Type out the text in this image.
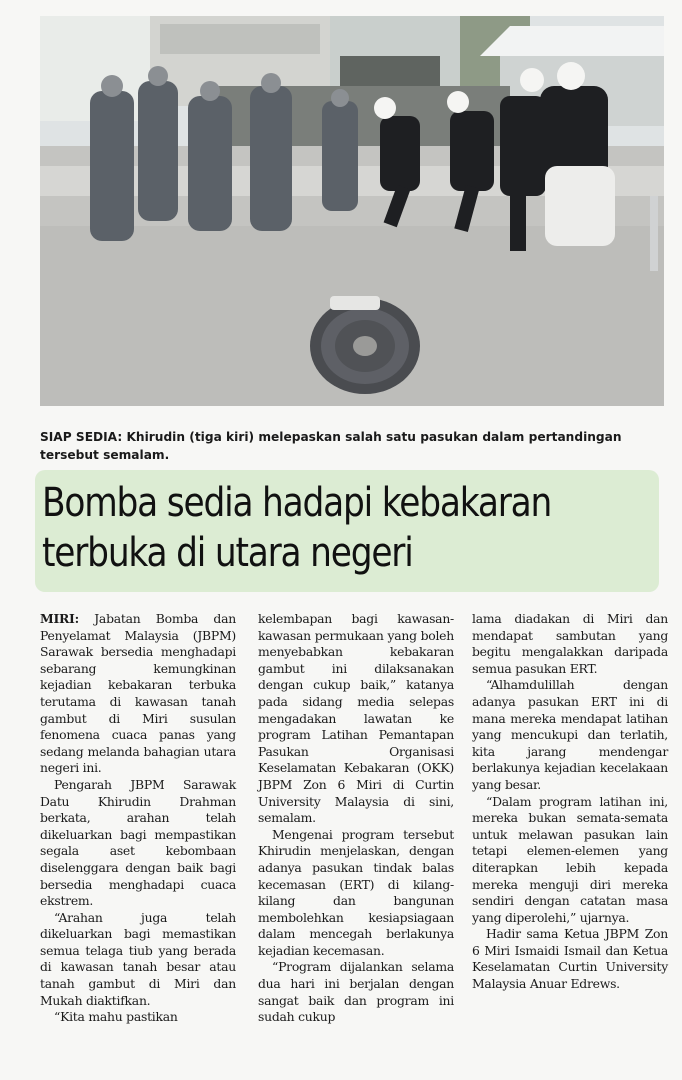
SIAP SEDIA: Khirudin (tiga kiri) melepaskan salah satu pasukan dalam pertandingan tersebut semalam.
Bomba sedia hadapi kebakaran
terbuka di utara negeri

MIRI: Jabatan Bomba dan Penyelamat Malaysia (JBPM) Sarawak bersedia menghadapi sebarang kemungkinan kejadian kebakaran terbuka terutama di kawasan tanah gambut di Miri susulan fenomena cuaca panas yang sedang melanda bahagian utara negeri ini.

Pengarah JBPM Sarawak Datu Khirudin Drahman berkata, arahan telah dikeluarkan bagi mempastikan segala aset kebombaan diselenggara dengan baik bagi bersedia menghadapi cuaca ekstrem.

“Arahan juga telah dikeluarkan bagi memastikan semua telaga tiub yang berada di kawasan tanah besar atau tanah gambut di Miri dan Mukah diaktifkan.

“Kita mahu pastikan

kelembapan bagi kawasan-kawasan permukaan yang boleh menyebabkan kebakaran gambut ini dilaksanakan dengan cukup baik,” katanya pada sidang media selepas mengadakan lawatan ke program Latihan Pemantapan Pasukan Organisasi Keselamatan Kebakaran (OKK) JBPM Zon 6 Miri di Curtin University Malaysia di sini, semalam.

Mengenai program tersebut Khirudin menjelaskan, dengan adanya pasukan tindak balas kecemasan (ERT) di kilang-kilang dan bangunan membolehkan kesiapsiagaan dalam mencegah berlakunya kejadian kecemasan.

“Program dijalankan selama dua hari ini berjalan dengan sangat baik dan program ini sudah cukup

lama diadakan di Miri dan mendapat sambutan yang begitu mengalakkan daripada semua pasukan ERT.

“Alhamdulillah dengan adanya pasukan ERT ini di mana mereka mendapat latihan yang mencukupi dan terlatih, kita jarang mendengar berlakunya kejadian kecelakaan yang besar.

“Dalam program latihan ini, mereka bukan semata-semata untuk melawan pasukan lain tetapi elemen-elemen yang diterapkan lebih kepada mereka menguji diri mereka sendiri dengan catatan masa yang diperolehi,” ujarnya.

Hadir sama Ketua JBPM Zon 6 Miri Ismaidi Ismail dan Ketua Keselamatan Curtin University Malaysia Anuar Edrews.
